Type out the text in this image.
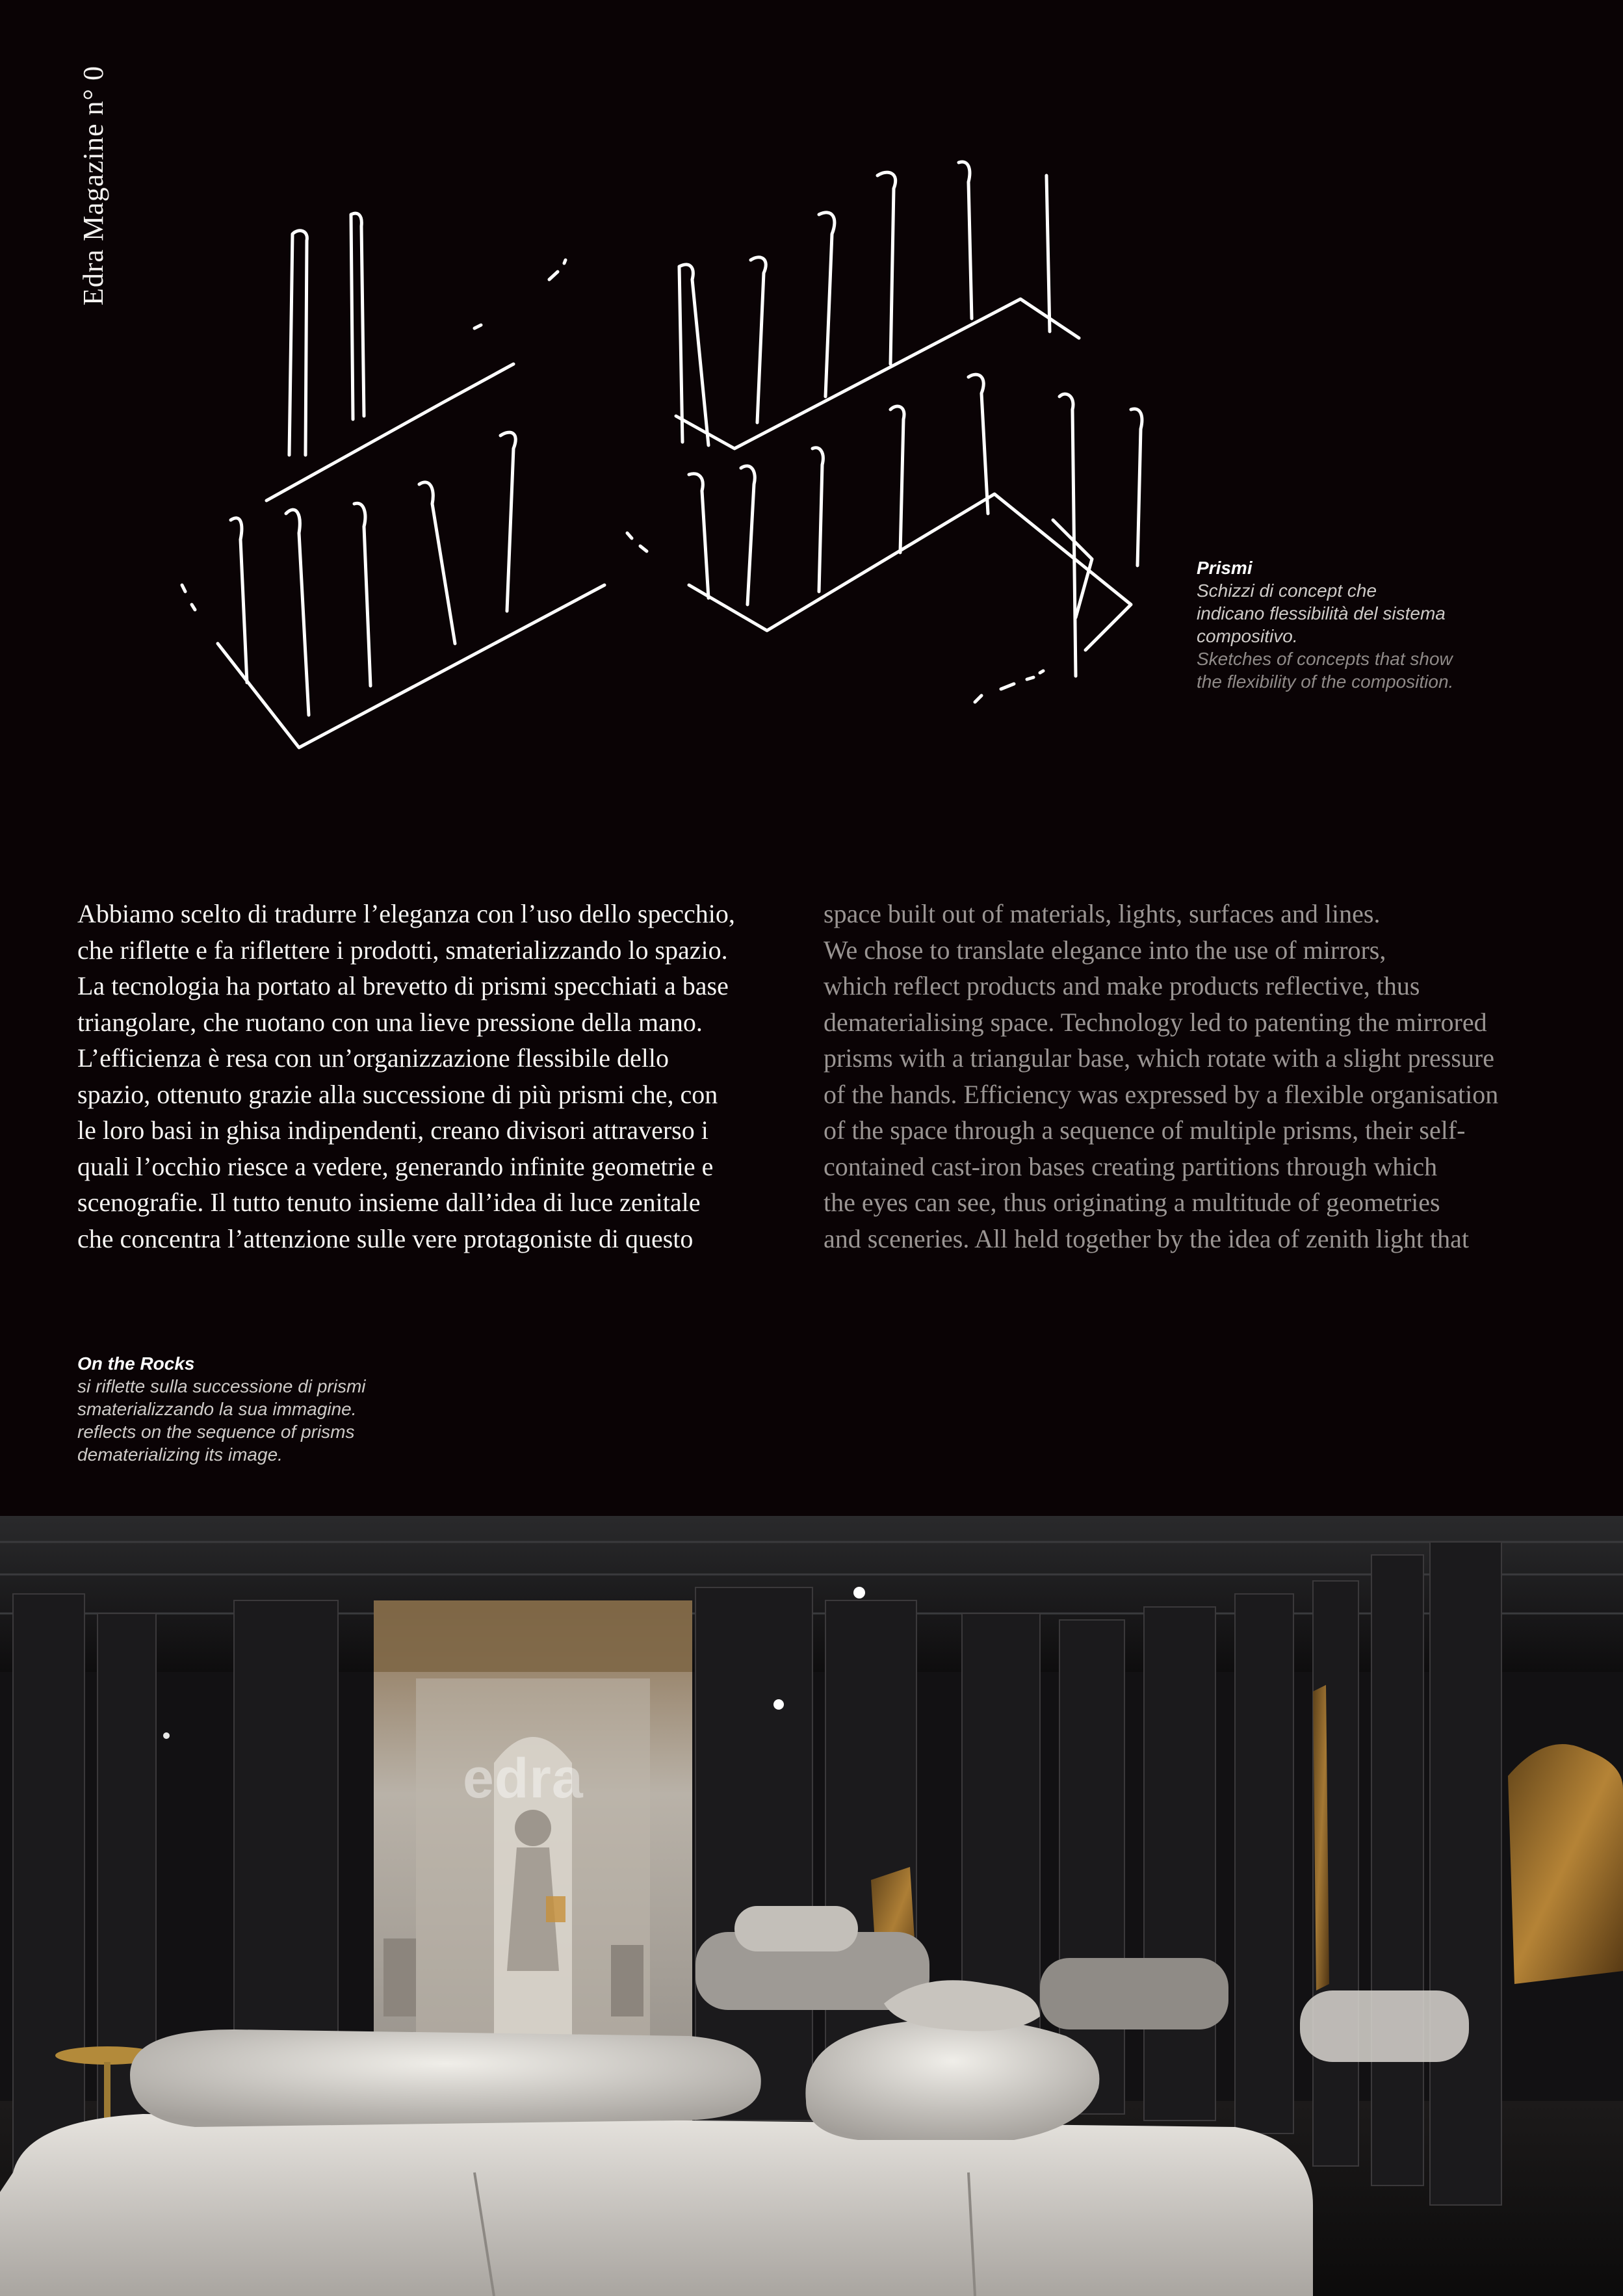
Edra Magazine n° 0
Prismi
Schizzi di concept che
indicano flessibilità del sistema
compositivo.
Sketches of concepts that show
the flexibility of the composition.
Abbiamo scelto di tradurre l’eleganza con l’uso dello specchio,
che riflette e fa riflettere i prodotti, smaterializzando lo spazio.
La tecnologia ha portato al brevetto di prismi specchiati a base
triangolare, che ruotano con una lieve pressione della mano.
L’efficienza è resa con un’organizzazione flessibile dello
spazio, ottenuto grazie alla successione di più prismi che, con
le loro basi in ghisa indipendenti, creano divisori attraverso i
quali l’occhio riesce a vedere, generando infinite geometrie e
scenografie. Il tutto tenuto insieme dall’idea di luce zenitale
che concentra l’attenzione sulle vere protagoniste di questo
space built out of materials, lights, surfaces and lines.
We chose to translate elegance into the use of mirrors,
which reflect products and make products reflective, thus
dematerialising space. Technology led to patenting the mirrored
prisms with a triangular base, which rotate with a slight pressure
of the hands. Efficiency was expressed by a flexible organisation
of the space through a sequence of multiple prisms, their self-
contained cast-iron bases creating partitions through which
the eyes can see, thus originating a multitude of geometries
and sceneries. All held together by the idea of zenith light that
On the Rocks
si riflette sulla successione di prismi
smaterializzando la sua immagine.
reflects on the sequence of prisms
dematerializing its image.
edra
